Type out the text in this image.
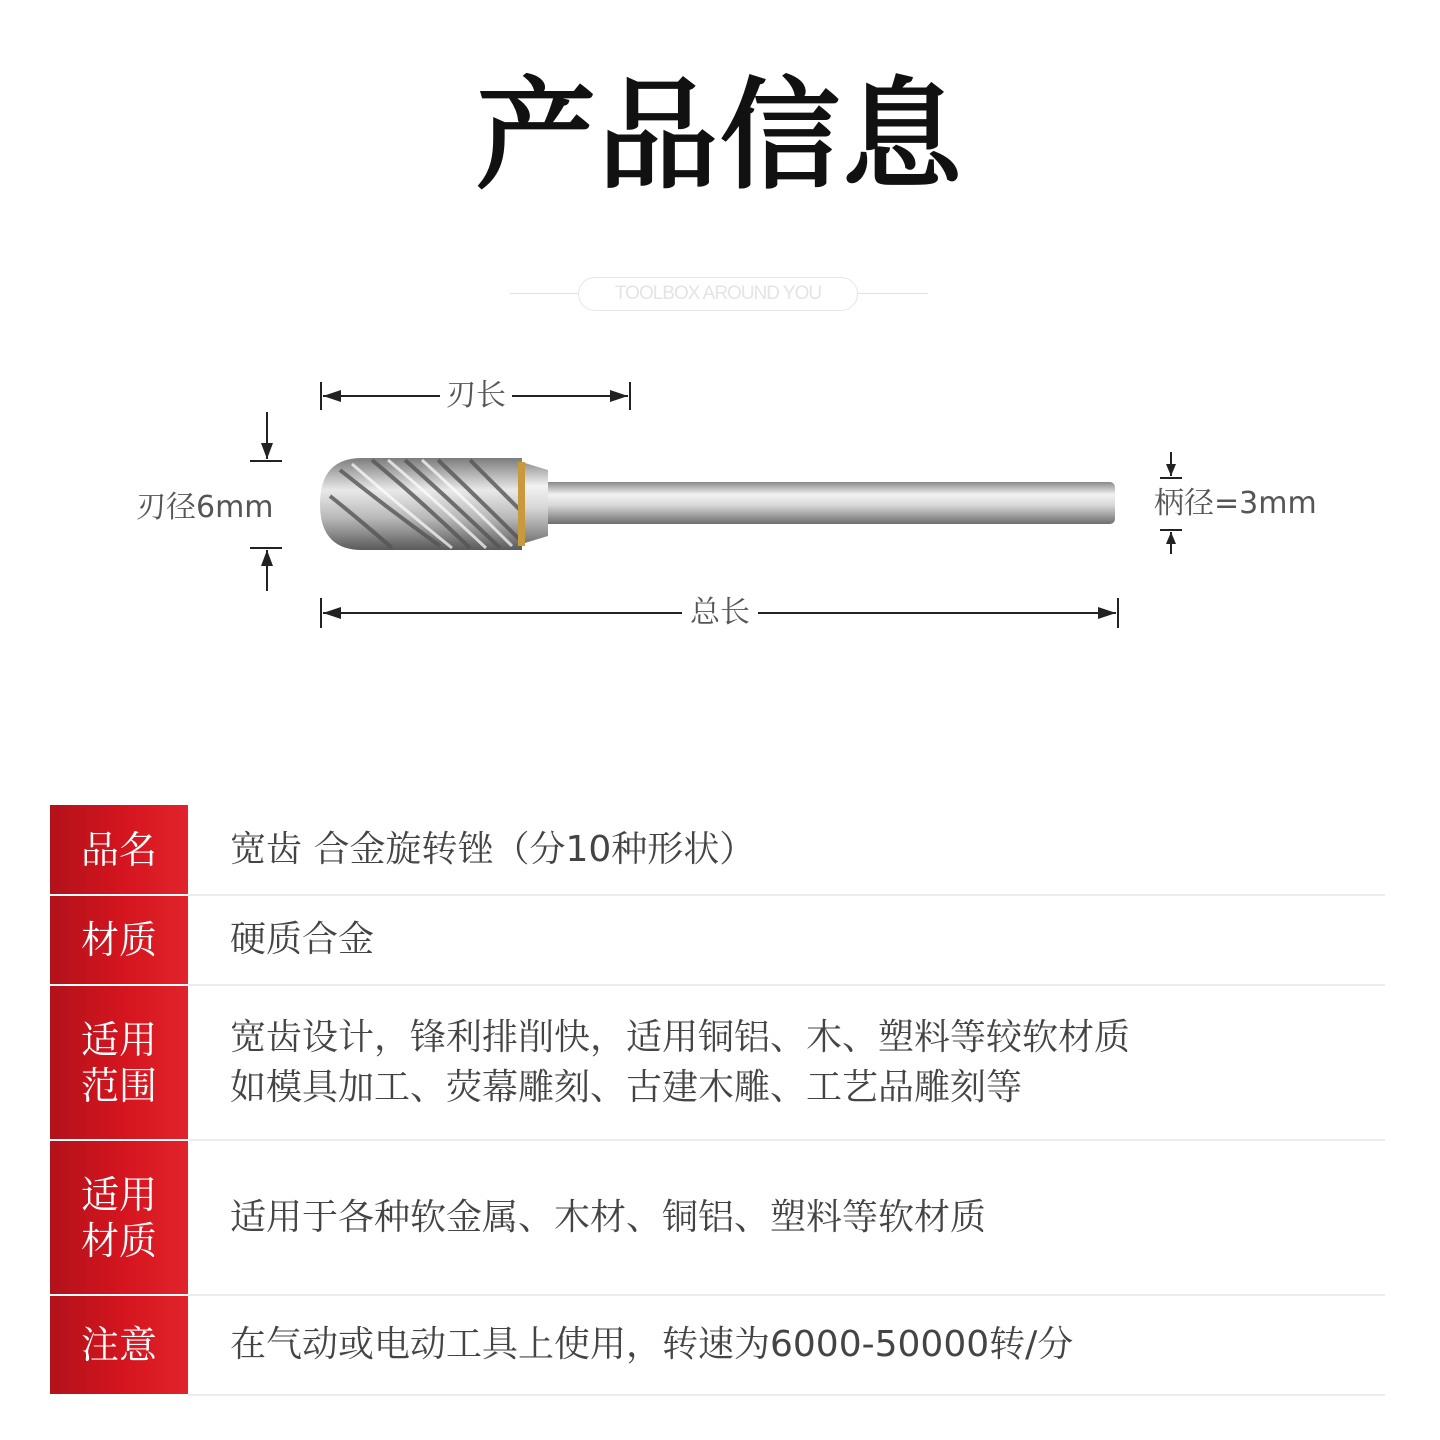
产品信息
TOOLBOX AROUND YOU
刃长
总长
刃径6mm	柄径=3mm
品名	宽齿 合金旋转锉（分10种形状）

材质	硬质合金

适用
范围	宽齿设计，锋利排削快，适用铜铝、木、塑料等较软材质
如模具加工、荧幕雕刻、古建木雕、工艺品雕刻等

适用
材质	适用于各种软金属、木材、铜铝、塑料等软材质

注意	在气动或电动工具上使用，转速为6000-50000转/分
